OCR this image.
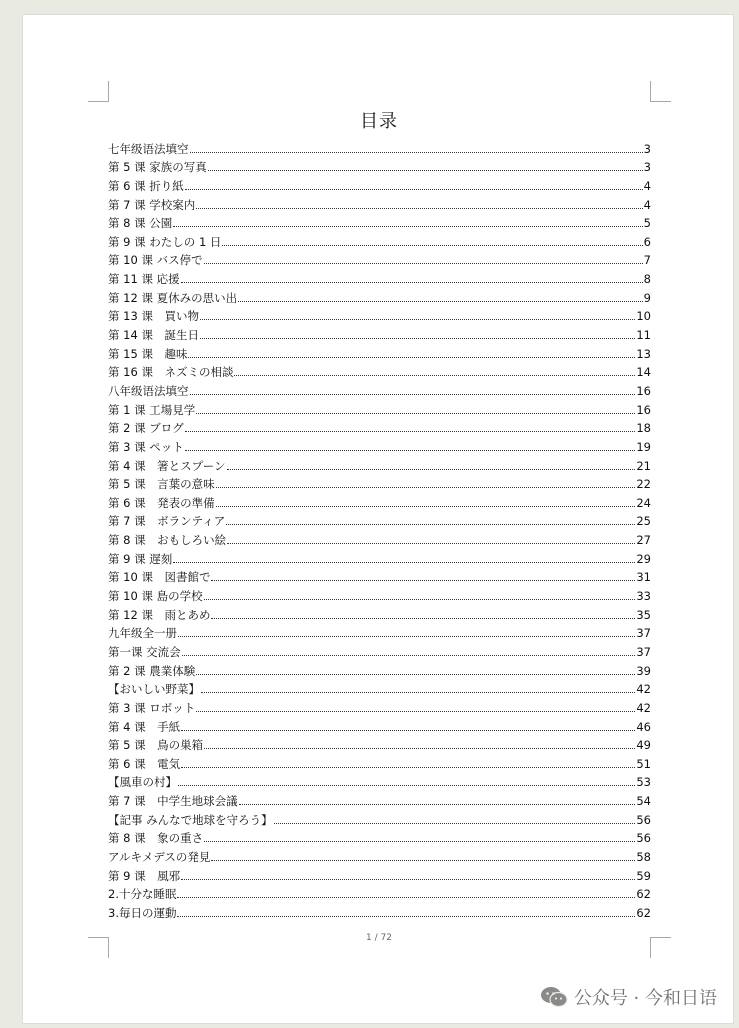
目录
七年级语法填空	3
第 5 课 家族の写真	3
第 6 课 折り紙	4
第 7 课 学校案内	4
第 8 课 公園	5
第 9 课 わたしの 1 日	6
第 10 课 バス停で	7
第 11 课 応援	8
第 12 课 夏休みの思い出	9
第 13 课　買い物	10
第 14 课　誕生日	11
第 15 课　趣味	13
第 16 课　ネズミの相談	14
八年级语法填空	16
第 1 课 工場見学	16
第 2 课 ブログ	18
第 3 课 ペット	19
第 4 课　箸とスプーン	21
第 5 课　言葉の意味	22
第 6 课　発表の準備	24
第 7 课　ボランティア	25
第 8 课　おもしろい絵	27
第 9 课 遅刻	29
第 10 课　図書館で	31
第 10 课 島の学校	33
第 12 课　雨とあめ	35
九年级全一册	37
第一课 交流会	37
第 2 课 農業体験	39
【おいしい野菜】	42
第 3 课 ロボット	42
第 4 课　手紙	46
第 5 课　鳥の巣箱	49
第 6 课　電気	51
【風車の村】	53
第 7 课　中学生地球会議	54
【記事 みんなで地球を守ろう】	56
第 8 课　象の重さ	56
アルキメデスの発見	58
第 9 课　風邪	59
2.十分な睡眠	62
3.毎日の運動	62
1 / 72
公众号 · 今和日语
